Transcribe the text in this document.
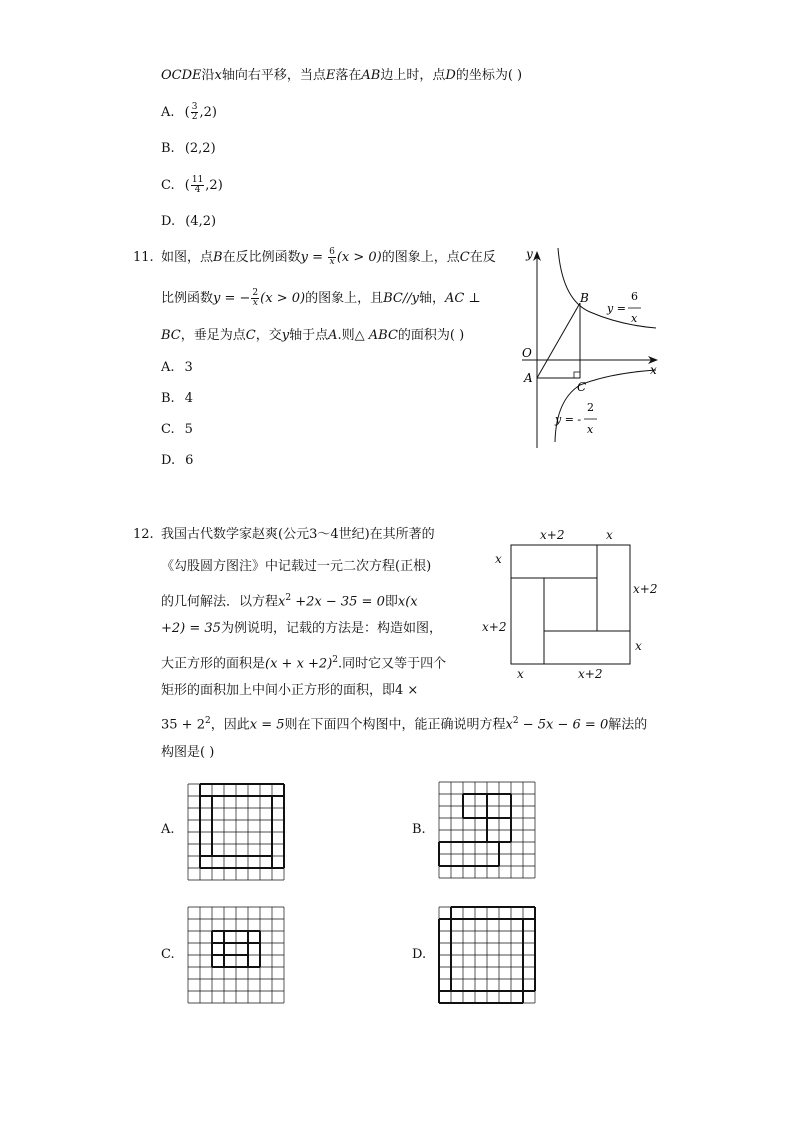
OCDE沿x轴向右平移，当点E落在AB边上时，点D的坐标为( )
A. ( $\frac{3}{2} ,2$)
B. (2,2)
C. ( $\frac{11}{4} ,2$)
D. (4,2)
11. 如图，点B在反比例函数$y = \frac{6}{x} (x > 0)$的图象上，点C在反
比例函数y = − $\frac{2}{x} (x > 0)$的图象上，且BC//y轴，AC ⊥
BC，垂足为点C，交y轴于点A.则△ ABC的面积为( )
A. 3
B. 4
C. 5
D. 6
y
x
O
A
B
C
y =
6
x
y = -
2
x
12. 我国古代数学家赵爽(公元3～4世纪)在其所著的
《勾股圆方图注》中记载过一元二次方程(正根)
的几何解法．以方程$x^2 +2x - 35 = 0$即x(x
+2) = 35为例说明，记载的方法是：构造如图，
大正方形的面积是$(x + x +2)^2$.同时它又等于四个
矩形的面积加上中间小正方形的面积，即4 ×
$35 + 2^2$，因此x = 5则在下面四个构图中，能正确说明方程$x^2 - 5x - 6 = 0$解法的
构图是( )
x+2	x
x
x+2
x+2
x
x	x+2
A.	B.
C.	D.
